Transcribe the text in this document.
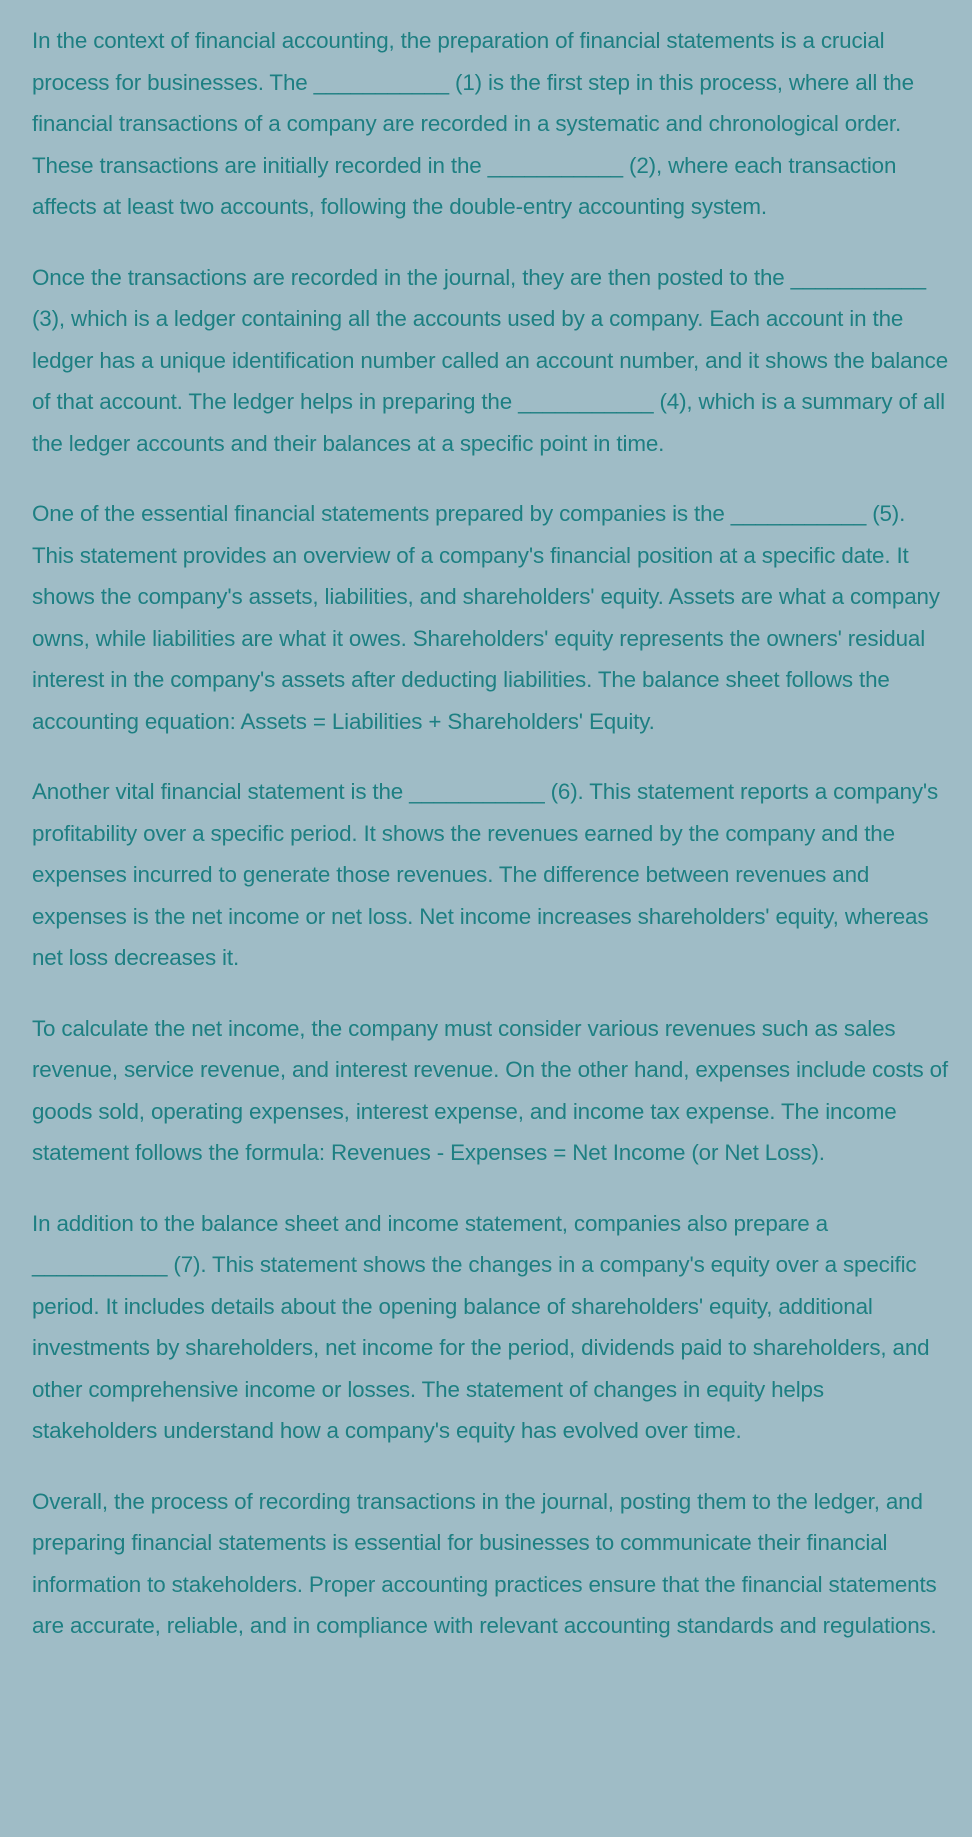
In the context of financial accounting, the preparation of financial statements is a crucial process for businesses. The ___________ (1) is the first step in this process, where all the financial transactions of a company are recorded in a systematic and chronological order. These transactions are initially recorded in the ___________ (2), where each transaction affects at least two accounts, following the double-entry accounting system.

Once the transactions are recorded in the journal, they are then posted to the ___________ (3), which is a ledger containing all the accounts used by a company. Each account in the ledger has a unique identification number called an account number, and it shows the balance of that account. The ledger helps in preparing the ___________ (4), which is a summary of all the ledger accounts and their balances at a specific point in time.

One of the essential financial statements prepared by companies is the ___________ (5). This statement provides an overview of a company's financial position at a specific date. It shows the company's assets, liabilities, and shareholders' equity. Assets are what a company owns, while liabilities are what it owes. Shareholders' equity represents the owners' residual interest in the company's assets after deducting liabilities. The balance sheet follows the accounting equation: Assets = Liabilities + Shareholders' Equity.

Another vital financial statement is the ___________ (6). This statement reports a company's profitability over a specific period. It shows the revenues earned by the company and the expenses incurred to generate those revenues. The difference between revenues and expenses is the net income or net loss. Net income increases shareholders' equity, whereas net loss decreases it.

To calculate the net income, the company must consider various revenues such as sales revenue, service revenue, and interest revenue. On the other hand, expenses include costs of goods sold, operating expenses, interest expense, and income tax expense. The income statement follows the formula: Revenues - Expenses = Net Income (or Net Loss).

In addition to the balance sheet and income statement, companies also prepare a ___________ (7). This statement shows the changes in a company's equity over a specific period. It includes details about the opening balance of shareholders' equity, additional investments by shareholders, net income for the period, dividends paid to shareholders, and other comprehensive income or losses. The statement of changes in equity helps stakeholders understand how a company's equity has evolved over time.

Overall, the process of recording transactions in the journal, posting them to the ledger, and preparing financial statements is essential for businesses to communicate their financial information to stakeholders. Proper accounting practices ensure that the financial statements are accurate, reliable, and in compliance with relevant accounting standards and regulations.
